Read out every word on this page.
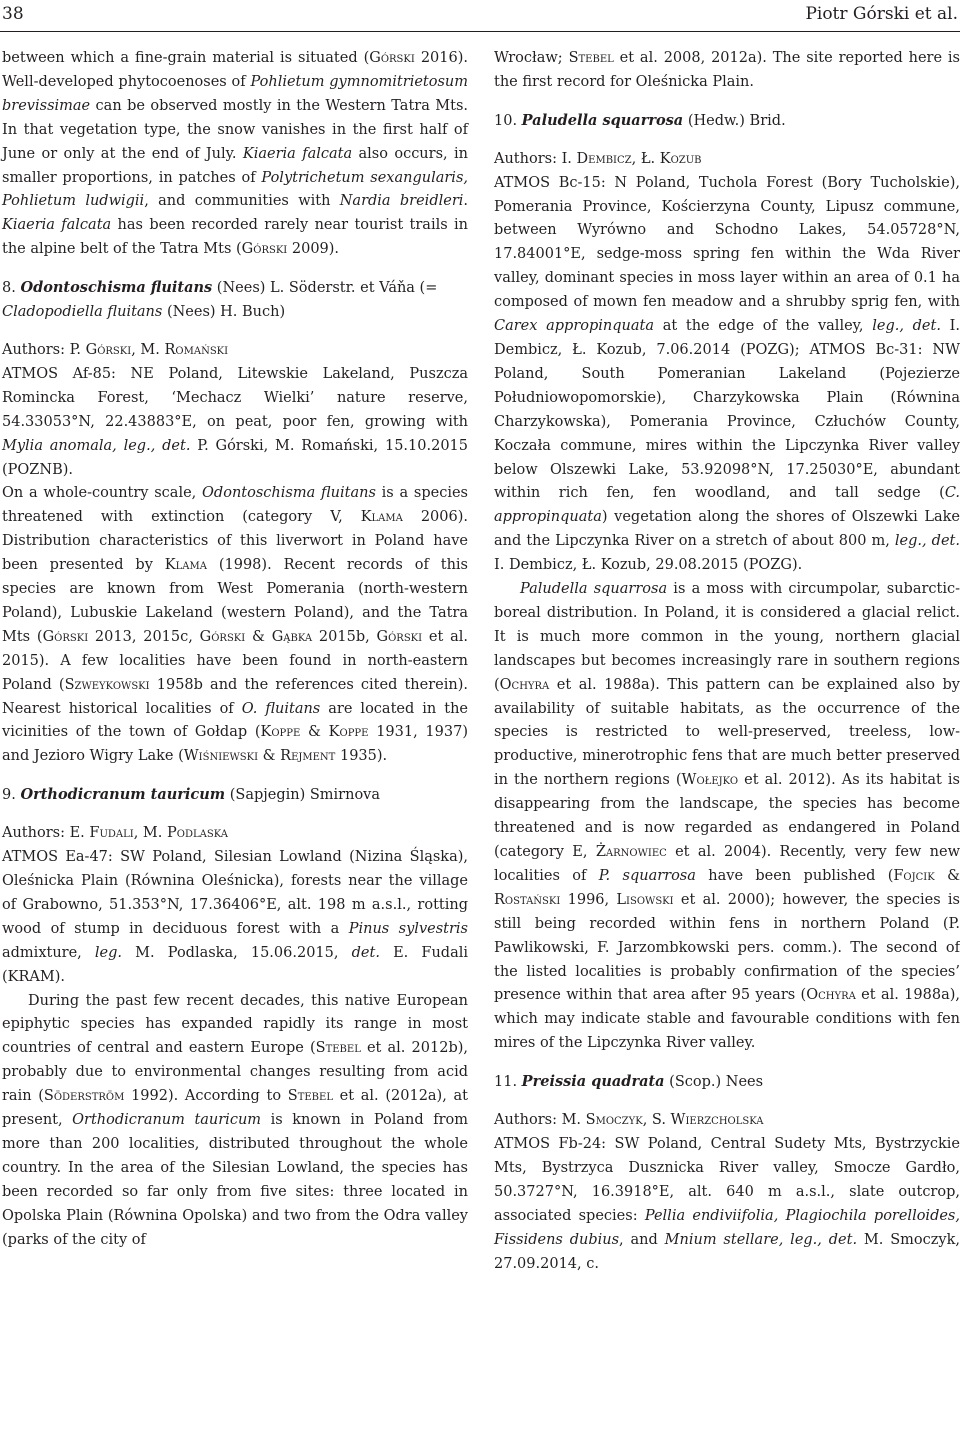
38	Piotr Górski et al.

between which a fine-grain material is situated (Górski 2016). Well-developed phytocoenoses of Pohlietum gymnomitrietosum brevissimae can be observed mostly in the Western Tatra Mts. In that vegetation type, the snow vanishes in the first half of June or only at the end of July. Kiaeria falcata also occurs, in smaller proportions, in patches of Polytrichetum sexangularis, Pohlietum ludwigii, and communities with Nardia breidleri. Kiaeria falcata has been recorded rarely near tourist trails in the alpine belt of the Tatra Mts (Górski 2009).

8. Odontoschisma fluitans (Nees) L. Söderstr. et Váňa (= Cladopodiella fluitans (Nees) H. Buch)

Authors: P. Górski, M. Romański

ATMOS Af-85: NE Poland, Litewskie Lakeland, Puszcza Romincka Forest, ‘Mechacz Wielki’ nature reserve, 54.33053°N, 22.43883°E, on peat, poor fen, growing with Mylia anomala, leg., det. P. Górski, M. Romański, 15.10.2015 (POZNB).

On a whole-country scale, Odontoschisma fluitans is a species threatened with extinction (category V, Klama 2006). Distribution characteristics of this liverwort in Poland have been presented by Klama (1998). Recent records of this species are known from West Pomerania (north-western Poland), Lubuskie Lakeland (western Poland), and the Tatra Mts (Górski 2013, 2015c, Górski & Gąbka 2015b, Górski et al. 2015). A few localities have been found in north-eastern Poland (Szweykowski 1958b and the references cited therein). Nearest historical localities of O. fluitans are located in the vicinities of the town of Gołdap (Koppe & Koppe 1931, 1937) and Jezioro Wigry Lake (Wiśniewski & Rejment 1935).

9. Orthodicranum tauricum (Sapjegin) Smirnova

Authors: E. Fudali, M. Podlaska

ATMOS Ea-47: SW Poland, Silesian Lowland (Nizina Śląska), Oleśnicka Plain (Równina Oleśnicka), forests near the village of Grabowno, 51.353°N, 17.36406°E, alt. 198 m a.s.l., rotting wood of stump in deciduous forest with a Pinus sylvestris admixture, leg. M. Podlaska, 15.06.2015, det. E. Fudali (KRAM).

During the past few recent decades, this native European epiphytic species has expanded rapidly its range in most countries of central and eastern Europe (Stebel et al. 2012b), probably due to environmental changes resulting from acid rain (Söderström 1992). According to Stebel et al. (2012a), at present, Orthodicranum tauricum is known in Poland from more than 200 localities, distributed throughout the whole country. In the area of the Silesian Lowland, the species has been recorded so far only from five sites: three located in Opolska Plain (Równina Opolska) and two from the Odra valley (parks of the city of

Wrocław; Stebel et al. 2008, 2012a). The site reported here is the first record for Oleśnicka Plain.

10. Paludella squarrosa (Hedw.) Brid.

Authors: I. Dembicz, Ł. Kozub

ATMOS Bc-15: N Poland, Tuchola Forest (Bory Tucholskie), Pomerania Province, Kościerzyna County, Lipusz commune, between Wyrówno and Schodno Lakes, 54.05728°N, 17.84001°E, sedge-moss spring fen within the Wda River valley, dominant species in moss layer within an area of 0.1 ha composed of mown fen meadow and a shrubby sprig fen, with Carex appropinquata at the edge of the valley, leg., det. I. Dembicz, Ł. Kozub, 7.06.2014 (POZG); ATMOS Bc-31: NW Poland, South Pomeranian Lakeland (Pojezierze Południowopomorskie), Charzykowska Plain (Równina Charzykowska), Pomerania Province, Człuchów County, Koczała commune, mires within the Lipczynka River valley below Olszewki Lake, 53.92098°N, 17.25030°E, abundant within rich fen, fen woodland, and tall sedge (C. appropinquata) vegetation along the shores of Olszewki Lake and the Lipczynka River on a stretch of about 800 m, leg., det. I. Dembicz, Ł. Kozub, 29.08.2015 (POZG).

Paludella squarrosa is a moss with circumpolar, subarctic-boreal distribution. In Poland, it is considered a glacial relict. It is much more common in the young, northern glacial landscapes but becomes increasingly rare in southern regions (Ochyra et al. 1988a). This pattern can be explained also by availability of suitable habitats, as the occurrence of the species is restricted to well-preserved, treeless, low-productive, minerotrophic fens that are much better preserved in the northern regions (Wołejko et al. 2012). As its habitat is disappearing from the landscape, the species has become threatened and is now regarded as endangered in Poland (category E, Żarnowiec et al. 2004). Recently, very few new localities of P. squarrosa have been published (Fojcik & Rostański 1996, Lisowski et al. 2000); however, the species is still being recorded within fens in northern Poland (P. Pawlikowski, F. Jarzombkowski pers. comm.). The second of the listed localities is probably confirmation of the species’ presence within that area after 95 years (Ochyra et al. 1988a), which may indicate stable and favourable conditions with fen mires of the Lipczynka River valley.

11. Preissia quadrata (Scop.) Nees

Authors: M. Smoczyk, S. Wierzcholska

ATMOS Fb-24: SW Poland, Central Sudety Mts, Bystrzyckie Mts, Bystrzyca Dusznicka River valley, Smocze Gardło, 50.3727°N, 16.3918°E, alt. 640 m a.s.l., slate outcrop, associated species: Pellia endiviifolia, Plagiochila porelloides, Fissidens dubius, and Mnium stellare, leg., det. M. Smoczyk, 27.09.2014, c.
